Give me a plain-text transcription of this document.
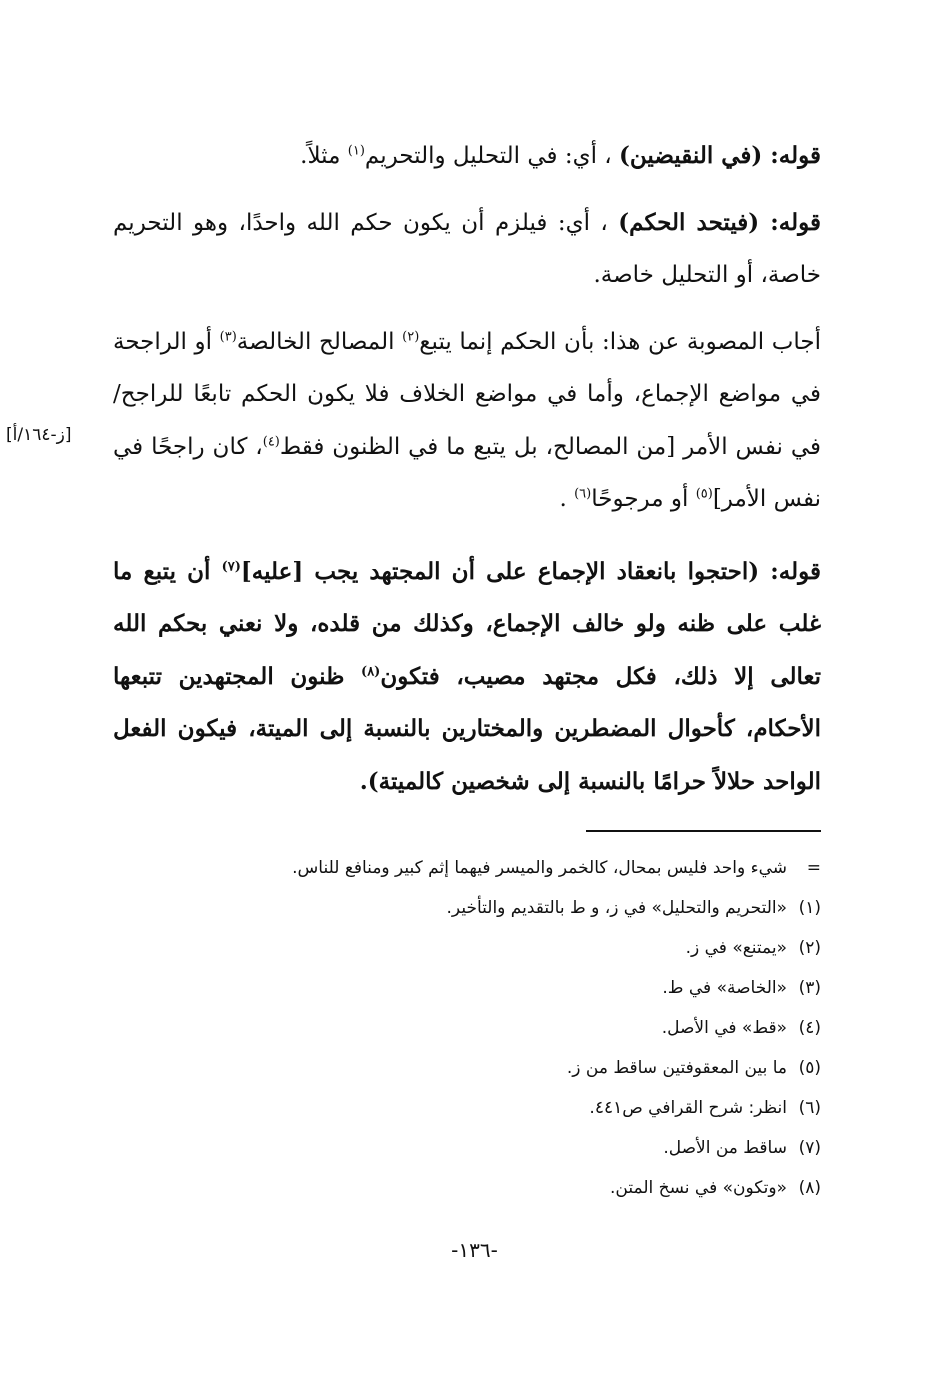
قوله: (في النقيضين) ، أي: في التحليل والتحريم$^{(١)}$ مثلاً.

قوله: (فيتحد الحكم) ، أي: فيلزم أن يكون حكم الله واحدًا، وهو التحريم خاصة، أو التحليل خاصة.

أجاب المصوبة عن هذا: بأن الحكم إنما يتبع$^{(٢)}$ المصالح الخالصة$^{(٣)}$ أو الراجحة في مواضع الإجماع، وأما في مواضع الخلاف فلا يكون الحكم تابعًا للراجح/ في نفس الأمر [من المصالح، بل يتبع ما في الظنون فقط$^{(٤)}$، كان راجحًا في نفس الأمر]$^{(٥)}$ أو مرجوحًا$^{(٦)}$ .

قوله: (احتجوا بانعقاد الإجماع على أن المجتهد يجب [عليه]$^{(٧)}$ أن يتبع ما غلب على ظنه ولو خالف الإجماع، وكذلك من قلده، ولا نعني بحكم الله تعالى إلا ذلك، فكل مجتهد مصيب، فتكون$^{(٨)}$ ظنون المجتهدين تتبعها الأحكام، كأحوال المضطرين والمختارين بالنسبة إلى الميتة، فيكون الفعل الواحد حلالاً حرامًا بالنسبة إلى شخصين كالميتة).

[ز-١٦٤/أ]

=شيء واحد فليس بمحال، كالخمر والميسر فيهما إثم كبير ومنافع للناس.

(١)«التحريم والتحليل» في ز، و ط بالتقديم والتأخير.

(٢)«يمتنع» في ز.

(٣)«الخاصة» في ط.

(٤)«قط» في الأصل.

(٥)ما بين المعقوفتين ساقط من ز.

(٦)انظر: شرح القرافي ص٤٤١.

(٧)ساقط من الأصل.

(٨)«وتكون» في نسخ المتن.

-١٣٦-
